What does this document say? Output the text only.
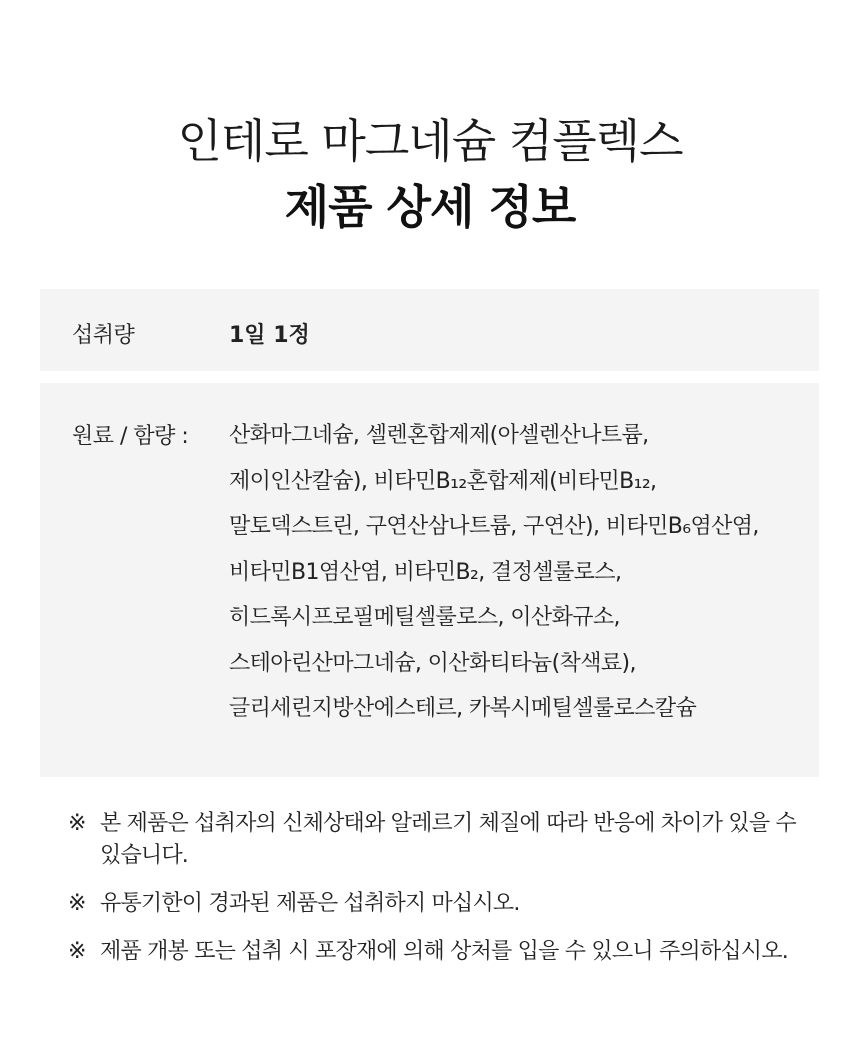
인테로 마그네슘 컴플렉스
제품 상세 정보
섭취량	1일 1정
원료 / 함량 : 산화마그네슘, 셀렌혼합제제(아셀렌산나트륨, 제이인산칼슘), 비타민B₁₂혼합제제(비타민B₁₂, 말토덱스트린, 구연산삼나트륨, 구연산), 비타민B₆염산염, 비타민B1염산염, 비타민B₂, 결정셀룰로스, 히드록시프로필메틸셀룰로스, 이산화규소, 스테아린산마그네슘, 이산화티타늄(착색료), 글리세린지방산에스테르, 카복시메틸셀룰로스칼슘
※ 본 제품은 섭취자의 신체상태와 알레르기 체질에 따라 반응에 차이가 있을 수 있습니다.
※ 유통기한이 경과된 제품은 섭취하지 마십시오.
※ 제품 개봉 또는 섭취 시 포장재에 의해 상처를 입을 수 있으니 주의하십시오.
